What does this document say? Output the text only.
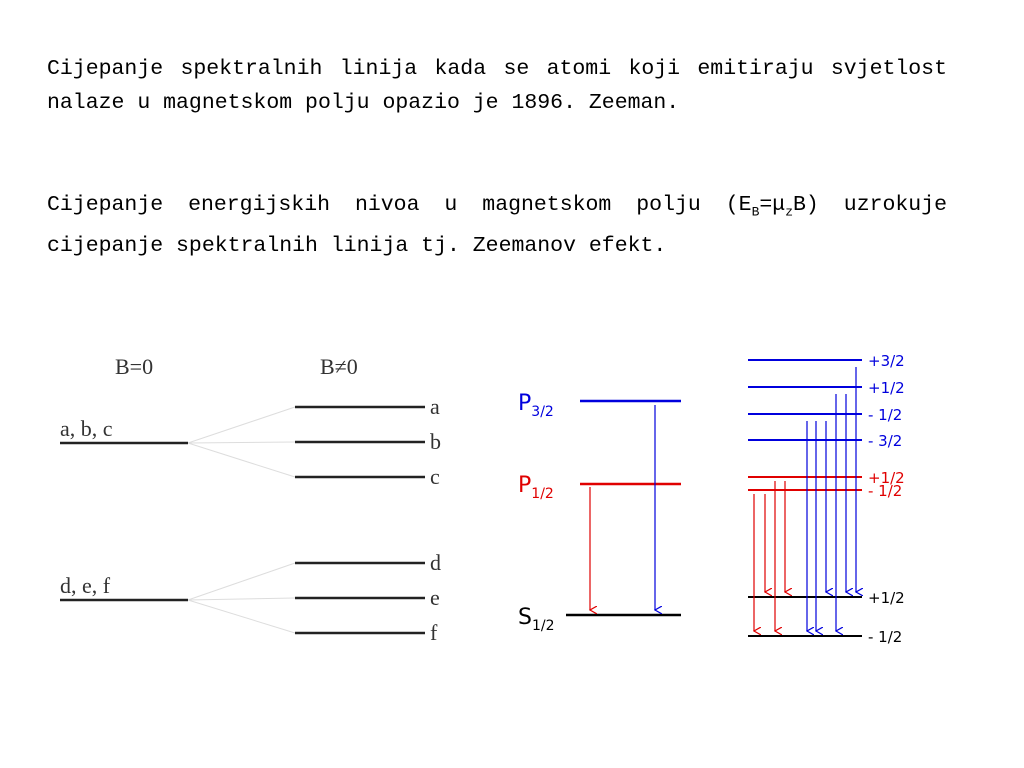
Cijepanje spektralnih linija kada se atomi koji emitiraju svjetlost nalaze u magnetskom polju opazio je 1896. Zeeman.

Cijepanje energijskih nivoa u magnetskom polju $(E_B=\mu_zB)$ uzrokuje cijepanje spektralnih linija tj. Zeemanov efekt.

B=0	B≠0
a, b, c
d, e, f
a
b
c
d
e
f
$P_{3/2}$
$P_{1/2}$
$S_{1/2}$
+3/2
+1/2
- 1/2
- 3/2
+1/2
- 1/2
+1/2
- 1/2
